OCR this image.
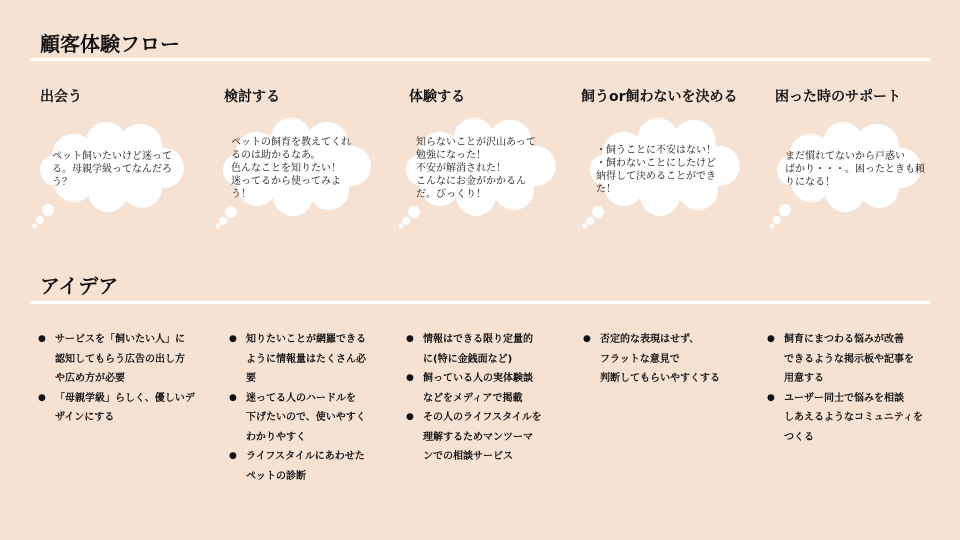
顧客体験フロー
出会う	検討する	体験する	飼うor飼わないを決める	困った時のサポート
ペット飼いたいけど迷って
る。母親学級ってなんだろ
う？
ペットの飼育を教えてくれ
るのは助かるなあ。
色んなことを知りたい！
迷ってるから使ってみよ
う！
知らないことが沢山あって
勉強になった！
不安が解消された！
こんなにお金がかかるん
だ。びっくり！
・飼うことに不安はない！
・飼わないことにしたけど
納得して決めることができ
た！
まだ慣れてないから戸惑い
ばかり・・・。困ったときも頼
りになる！
アイデア
● サービスを「飼いたい人」に
認知してもらう広告の出し方
や広め方が必要
● 「母親学級」らしく、優しいデ
ザインにする
● 知りたいことが網羅できる
ように情報量はたくさん必
要
● 迷ってる人のハードルを
下げたいので、使いやすく
わかりやすく
● ライフスタイルにあわせた
ペットの診断
● 情報はできる限り定量的
に(特に金銭面など)
● 飼っている人の実体験談
などをメディアで掲載
● その人のライフスタイルを
理解するためマンツーマ
ンでの相談サービス
● 否定的な表現はせず、
フラットな意見で
判断してもらいやすくする
● 飼育にまつわる悩みが改善
できるような掲示板や記事を
用意する
● ユーザー同士で悩みを相談
しあえるようなコミュニティを
つくる
